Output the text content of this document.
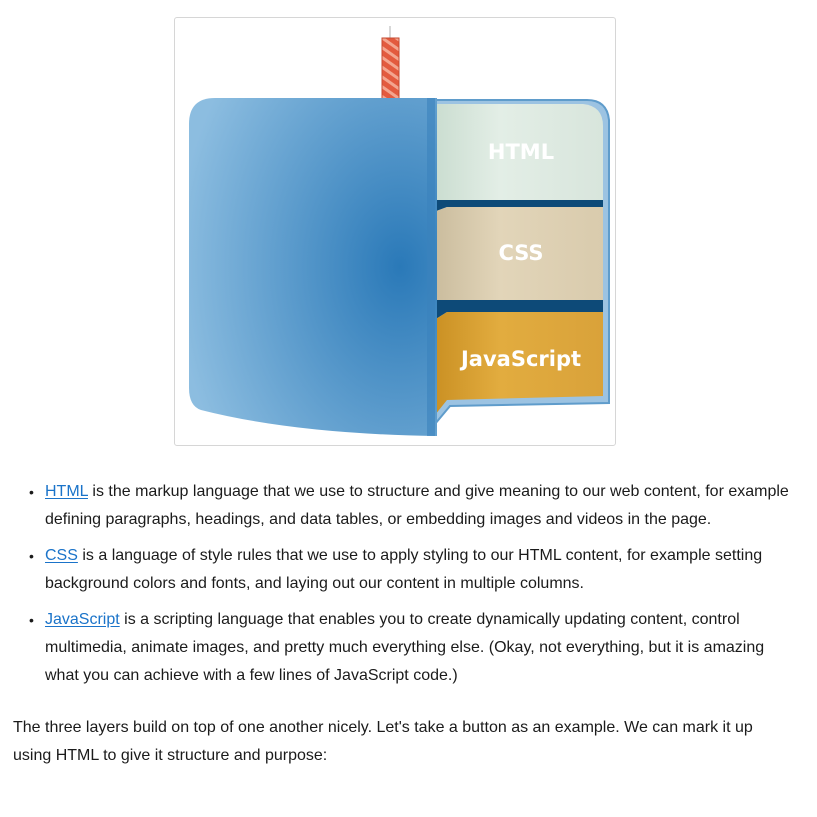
HTML
CSS
JavaScript
• HTML is the markup language that we use to structure and give meaning to our web content, for example defining paragraphs, headings, and data tables, or embedding images and videos in the page.
• CSS is a language of style rules that we use to apply styling to our HTML content, for example setting background colors and fonts, and laying out our content in multiple columns.
• JavaScript is a scripting language that enables you to create dynamically updating content, control multimedia, animate images, and pretty much everything else. (Okay, not everything, but it is amazing what you can achieve with a few lines of JavaScript code.)

The three layers build on top of one another nicely. Let's take a button as an example. We can mark it up using HTML to give it structure and purpose:
